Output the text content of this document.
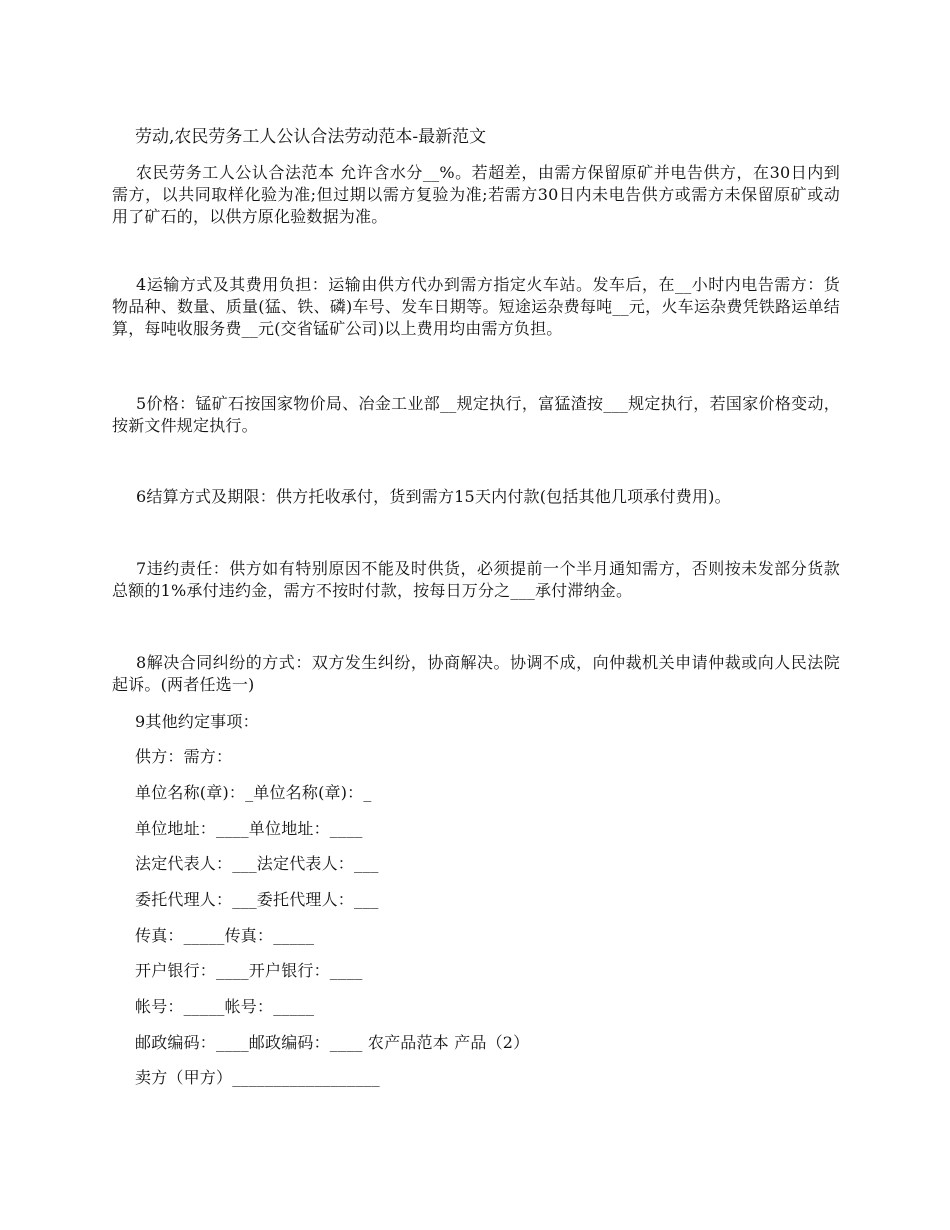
劳动,农民劳务工人公认合法劳动范本-最新范文

农民劳务工人公认合法范本 允许含水分__%。若超差，由需方保留原矿并电告供方，在30日内到需方，以共同取样化验为准;但过期以需方复验为准;若需方30日内未电告供方或需方未保留原矿或动用了矿石的，以供方原化验数据为准。

4运输方式及其费用负担：运输由供方代办到需方指定火车站。发车后，在__小时内电告需方：货物品种、数量、质量(猛、铁、磷)车号、发车日期等。短途运杂费每吨__元，火车运杂费凭铁路运单结算，每吨收服务费__元(交省锰矿公司)以上费用均由需方负担。

5价格：锰矿石按国家物价局、冶金工业部__规定执行，富猛渣按___规定执行，若国家价格变动，按新文件规定执行。

6结算方式及期限：供方托收承付，货到需方15天内付款(包括其他几项承付费用)。

7违约责任：供方如有特别原因不能及时供货，必须提前一个半月通知需方，否则按未发部分货款总额的1%承付违约金，需方不按时付款，按每日万分之___承付滞纳金。

8解决合同纠纷的方式：双方发生纠纷，协商解决。协调不成，向仲裁机关申请仲裁或向人民法院起诉。(两者任选一)

9其他约定事项：

供方：需方：

单位名称(章)：_单位名称(章)：_

单位地址：____单位地址：____

法定代表人：___法定代表人：___

委托代理人：___委托代理人：___

传真：_____传真：_____

开户银行：____开户银行：____

帐号：_____帐号：_____

邮政编码：____邮政编码：____ 农产品范本 产品（2）

卖方（甲方）__________________
